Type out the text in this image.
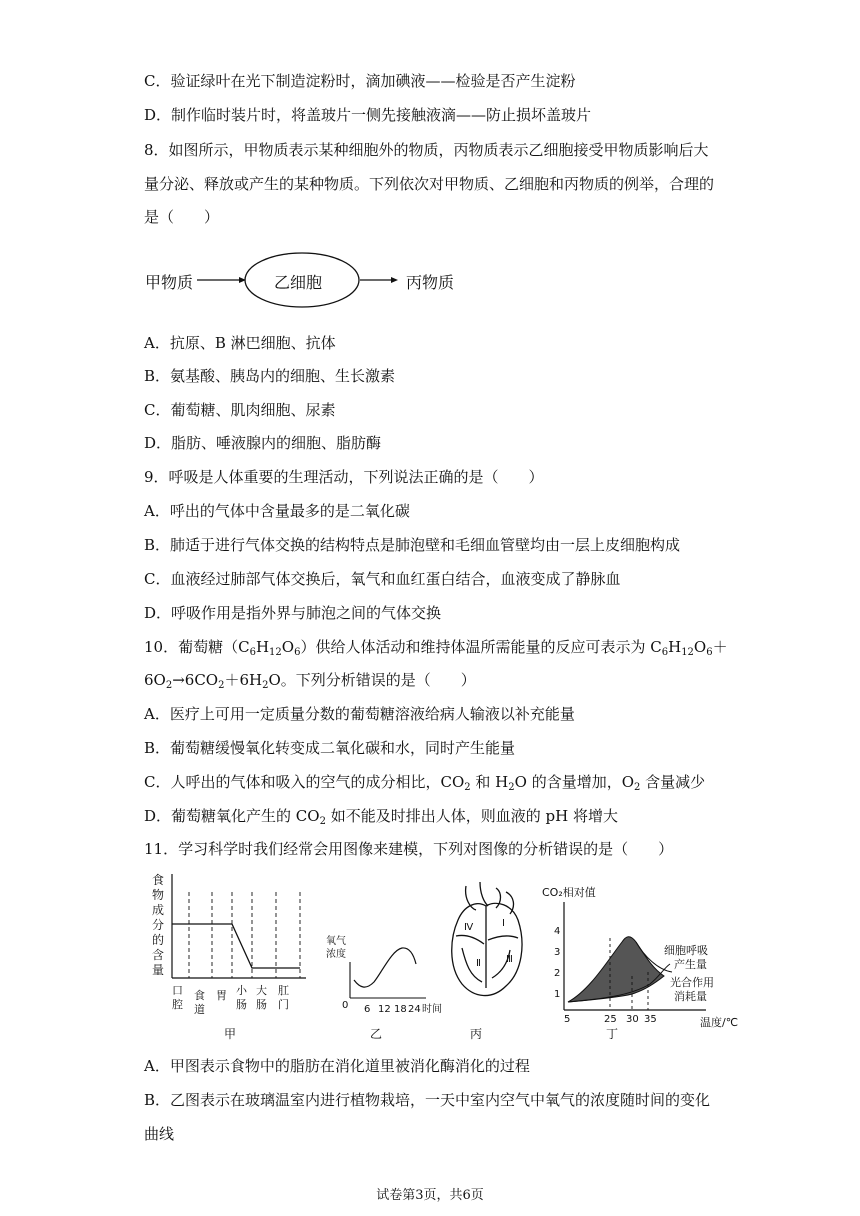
C．验证绿叶在光下制造淀粉时，滴加碘液——检验是否产生淀粉
D．制作临时装片时，将盖玻片一侧先接触液滴——防止损坏盖玻片
8．如图所示，甲物质表示某种细胞外的物质，丙物质表示乙细胞接受甲物质影响后大
量分泌、释放或产生的某种物质。下列依次对甲物质、乙细胞和丙物质的例举，合理的
是（　　）
甲物质	乙细胞	丙物质
A．抗原、B 淋巴细胞、抗体
B．氨基酸、胰岛内的细胞、生长激素
C．葡萄糖、肌肉细胞、尿素
D．脂肪、唾液腺内的细胞、脂肪酶
9．呼吸是人体重要的生理活动，下列说法正确的是（　　）
A．呼出的气体中含量最多的是二氧化碳
B．肺适于进行气体交换的结构特点是肺泡壁和毛细血管壁均由一层上皮细胞构成
C．血液经过肺部气体交换后，氧气和血红蛋白结合，血液变成了静脉血
D．呼吸作用是指外界与肺泡之间的气体交换
10．葡萄糖$(C_6H_{12}O_6)$供给人体活动和维持体温所需能量的反应可表示为 $C_6H_{12}O_6+$
$6O_2\to 6CO_2+6H_2O$。下列分析错误的是（　　）
A．医疗上可用一定质量分数的葡萄糖溶液给病人输液以补充能量
B．葡萄糖缓慢氧化转变成二氧化碳和水，同时产生能量
C．人呼出的气体和吸入的空气的成分相比，$CO_2$ 和 $H_2O$ 的含量增加，$O_2$ 含量减少
D．葡萄糖氧化产生的 $CO_2$ 如不能及时排出人体，则血液的 pH 将增大
11．学习科学时我们经常会用图像来建模，下列对图像的分析错误的是（　　）
食
物
成
分
的
含
量
口
腔
食
道
胃 小
肠
大
肠
肛
门
甲
氧气
浓度
0 6 12 18 24 时间
乙
Ⅳ	Ⅰ
Ⅱ	Ⅲ
丙
CO₂相对值
4
3
2
1
5	25 30 35	温度/℃
细胞呼吸
产生量
光合作用
消耗量
丁
A．甲图表示食物中的脂肪在消化道里被消化酶消化的过程
B．乙图表示在玻璃温室内进行植物栽培，一天中室内空气中氧气的浓度随时间的变化
曲线
试卷第3页，共6页
